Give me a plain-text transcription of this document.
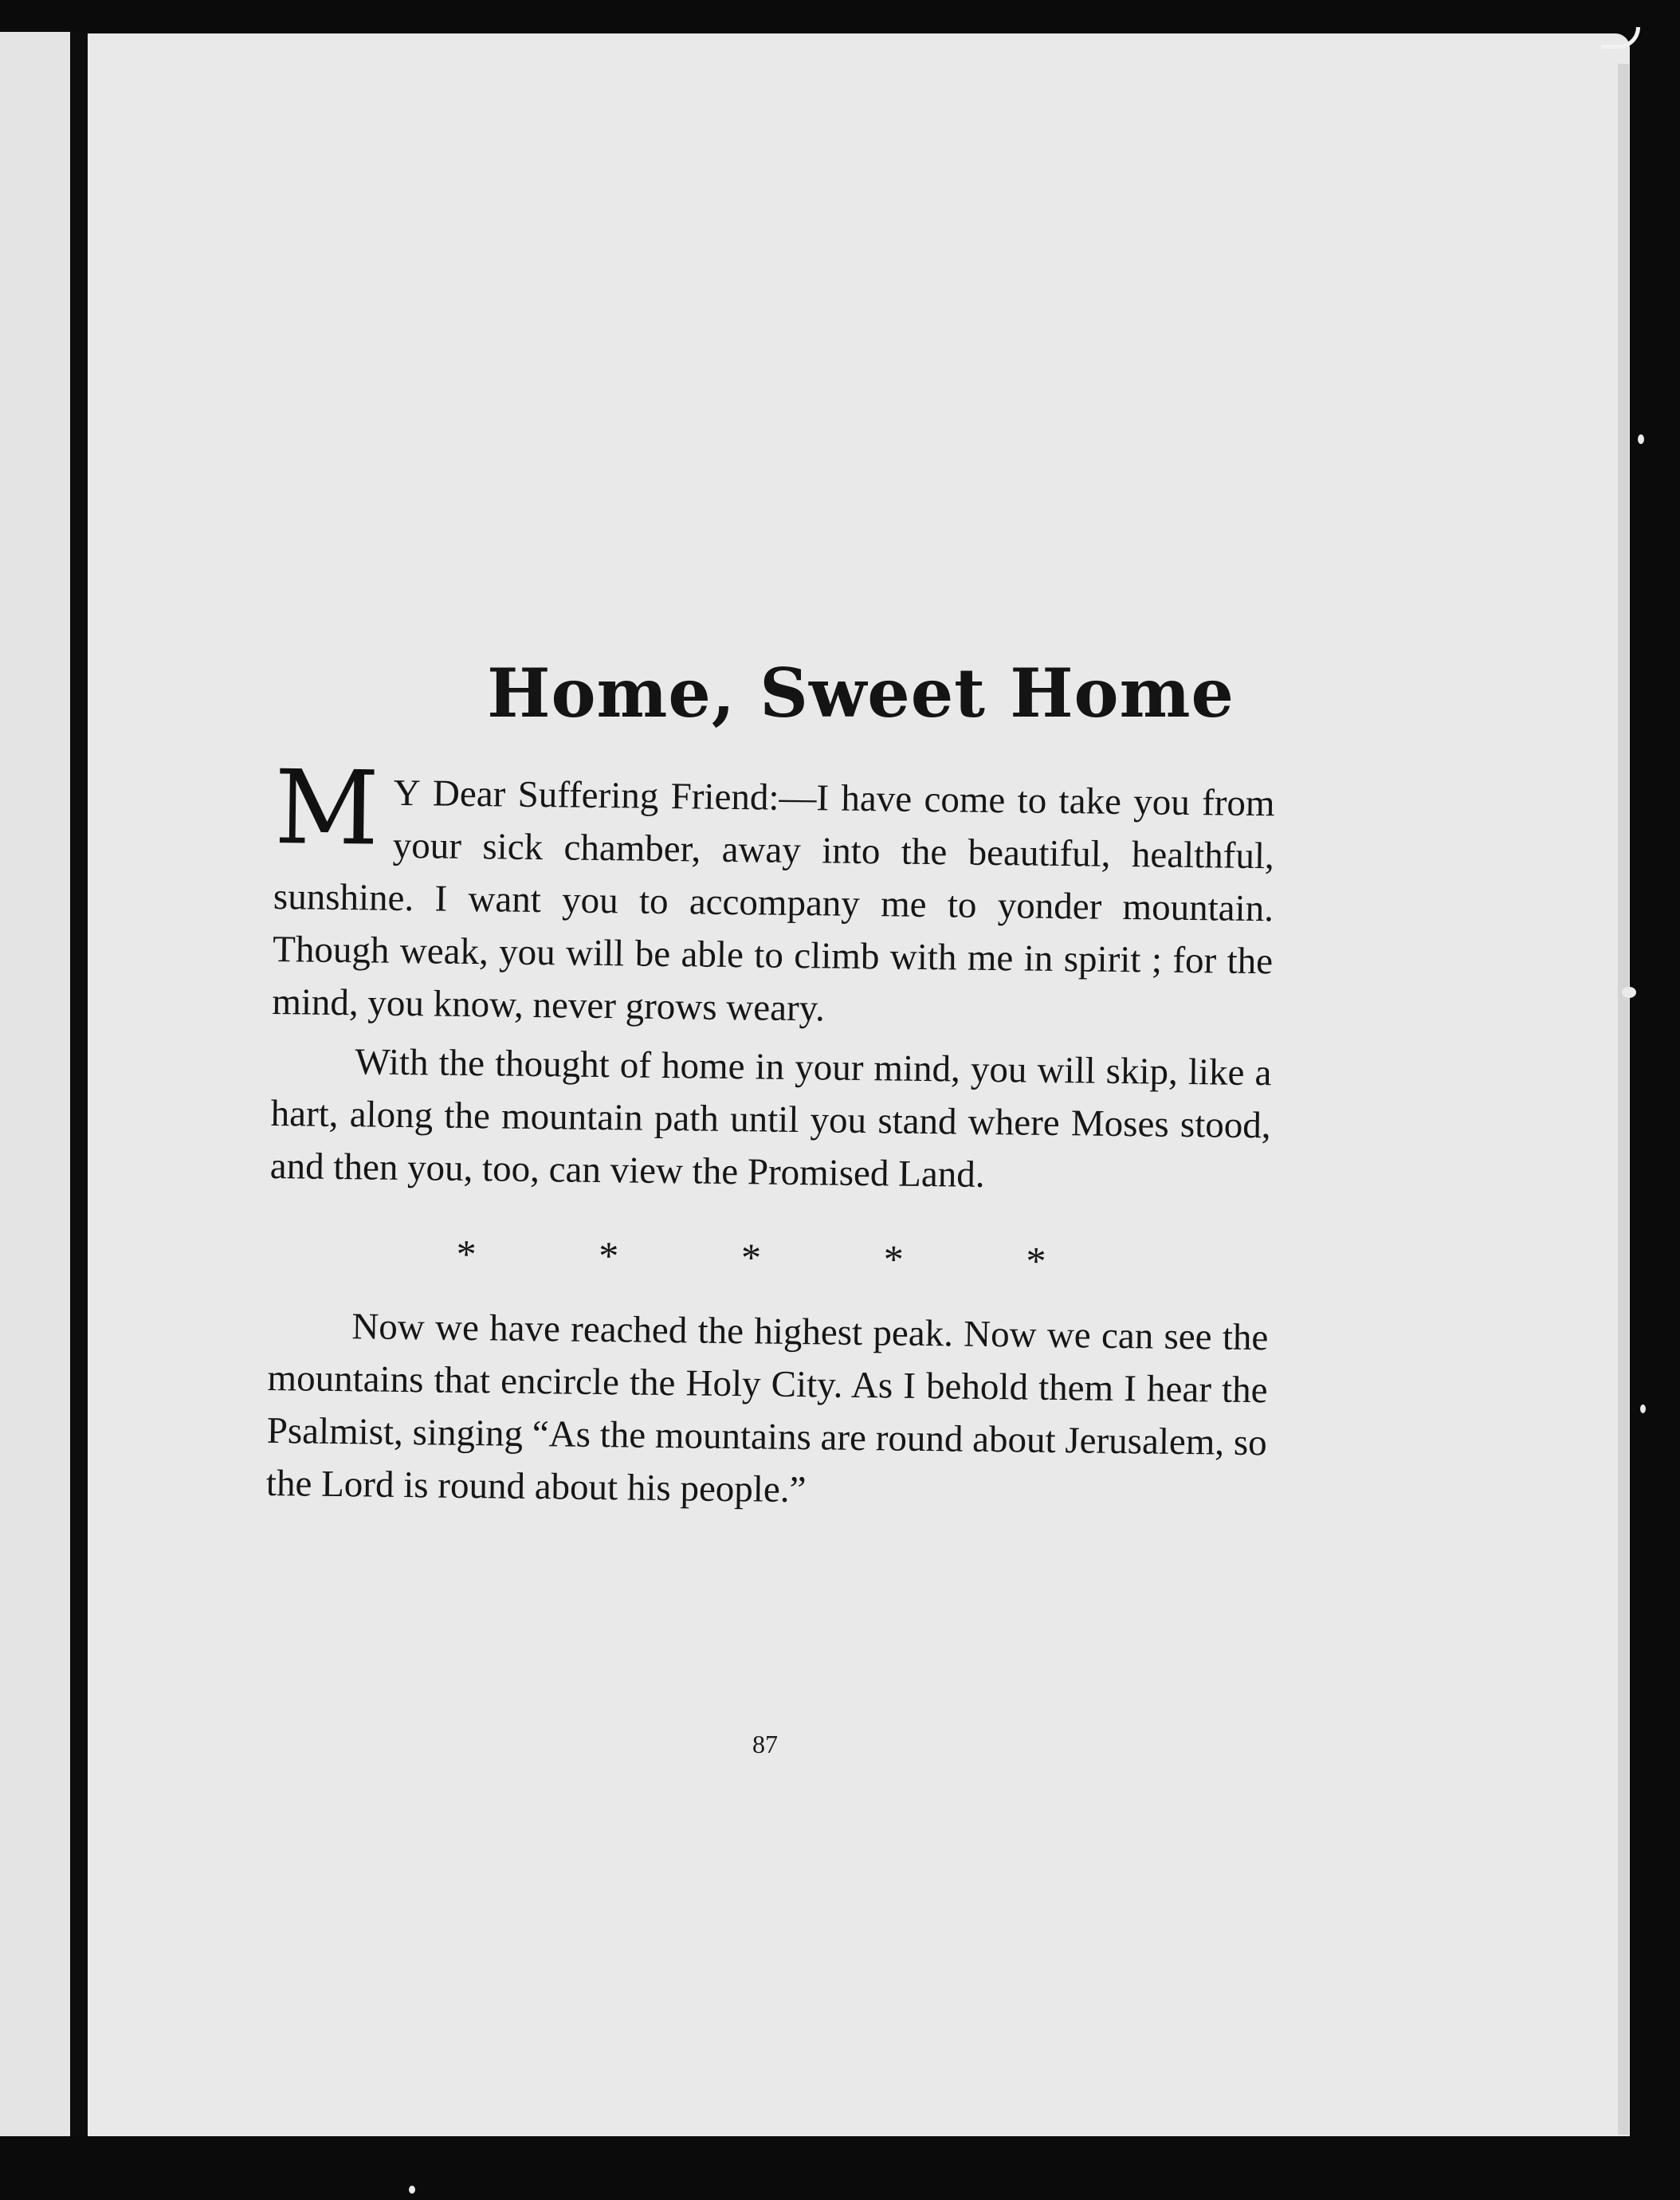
Home, Sweet Home

M Y Dear Suffering Friend:—I have come to take you from your sick chamber, away into the beautiful, healthful, sunshine. I want you to accompany me to yonder mountain. Though weak, you will be able to climb with me in spirit ; for the mind, you know, never grows weary.

With the thought of home in your mind, you will skip, like a hart, along the mountain path until you stand where Moses stood, and then you, too, can view the Promised Land.

*	*	*	*	*

Now we have reached the highest peak. Now we can see the mountains that encircle the Holy City. As I behold them I hear the Psalmist, singing “As the mountains are round about Jerusalem, so the Lord is round about his people.”

87
